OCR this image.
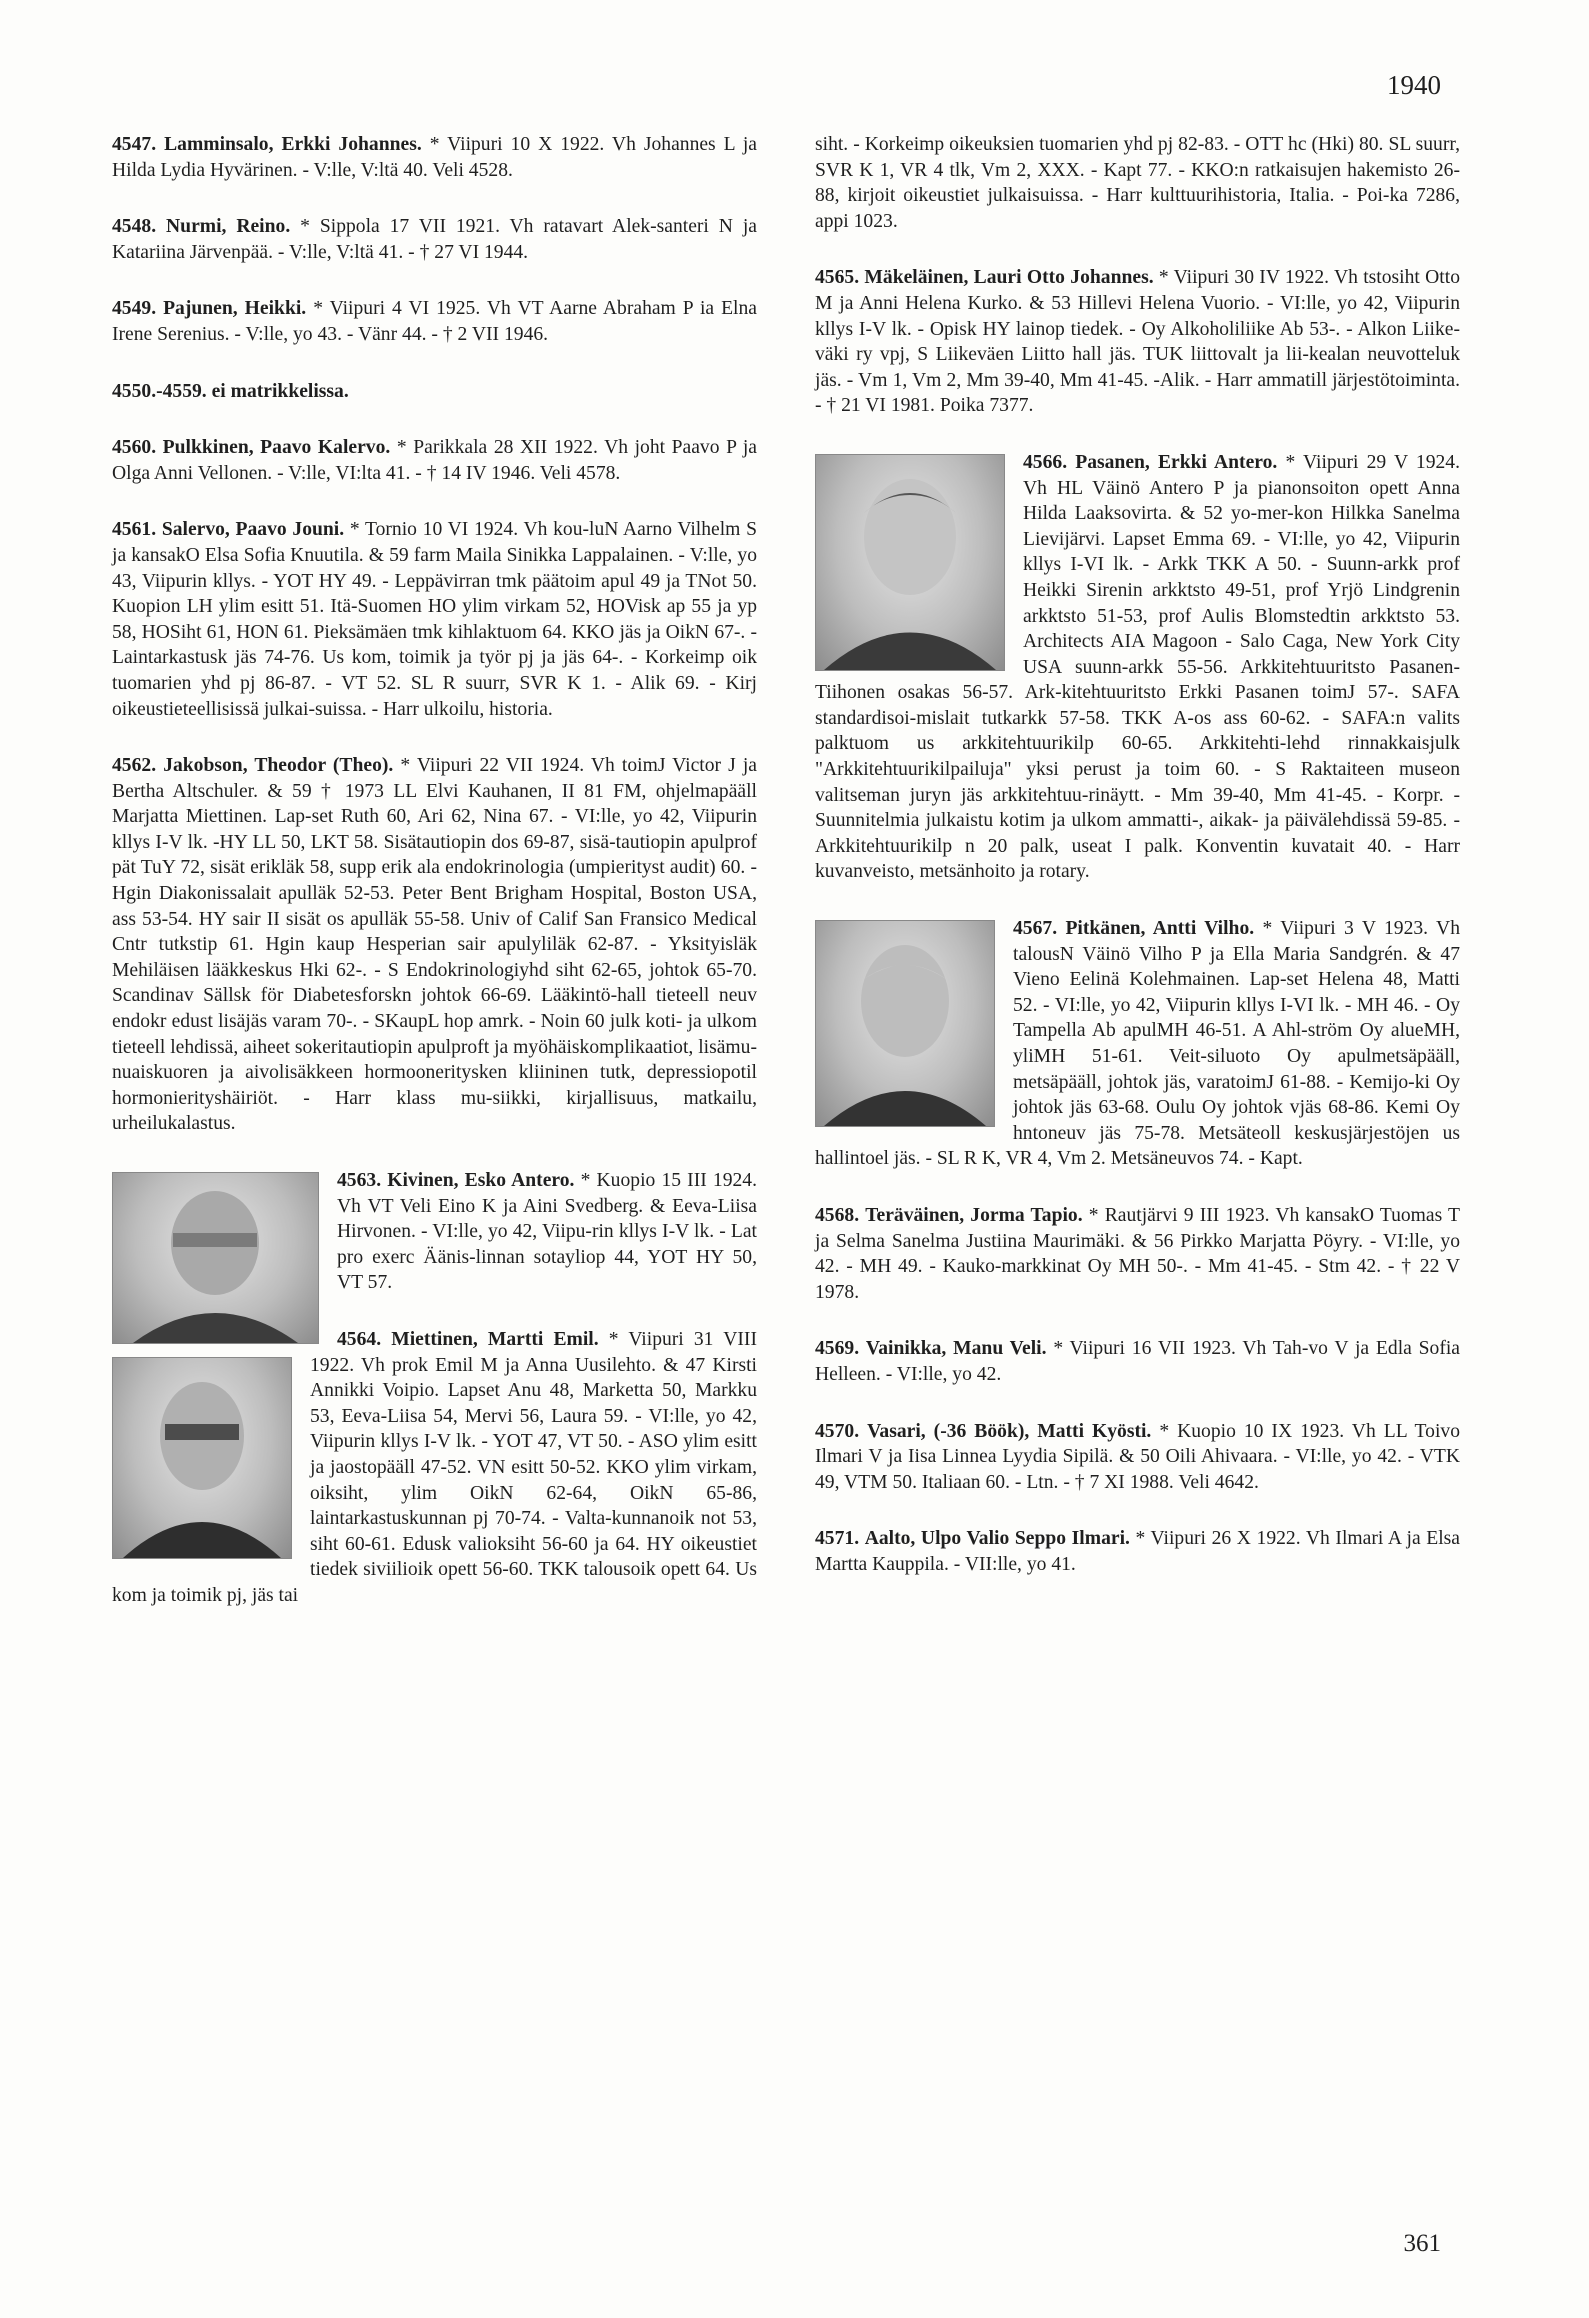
1940
4547. Lamminsalo, Erkki Johannes. * Viipuri 10 X 1922. Vh Johannes L ja Hilda Lydia Hyvärinen. - V:lle, V:ltä 40. Veli 4528.
4548. Nurmi, Reino. * Sippola 17 VII 1921. Vh ratavart Alek-santeri N ja Katariina Järvenpää. - V:lle, V:ltä 41. - † 27 VI 1944.
4549. Pajunen, Heikki. * Viipuri 4 VI 1925. Vh VT Aarne Abraham P ia Elna Irene Serenius. - V:lle, yo 43. - Vänr 44. - † 2 VII 1946.
4550.-4559. ei matrikkelissa.
4560. Pulkkinen, Paavo Kalervo. * Parikkala 28 XII 1922. Vh joht Paavo P ja Olga Anni Vellonen. - V:lle, VI:lta 41. - † 14 IV 1946. Veli 4578.
4561. Salervo, Paavo Jouni. * Tornio 10 VI 1924. Vh kou-luN Aarno Vilhelm S ja kansakO Elsa Sofia Knuutila. & 59 farm Maila Sinikka Lappalainen. - V:lle, yo 43, Viipurin kllys. - YOT HY 49. - Leppävirran tmk päätoim apul 49 ja TNot 50. Kuopion LH ylim esitt 51. Itä-Suomen HO ylim virkam 52, HOVisk ap 55 ja yp 58, HOSiht 61, HON 61. Pieksämäen tmk kihlaktuom 64. KKO jäs ja OikN 67-. - Laintarkastusk jäs 74-76. Us kom, toimik ja työr pj ja jäs 64-. - Korkeimp oik tuomarien yhd pj 86-87. - VT 52. SL R suurr, SVR K 1. - Alik 69. - Kirj oikeustieteellisissä julkai-suissa. - Harr ulkoilu, historia.
4562. Jakobson, Theodor (Theo). * Viipuri 22 VII 1924. Vh toimJ Victor J ja Bertha Altschuler. & 59 † 1973 LL Elvi Kauhanen, II 81 FM, ohjelmapääll Marjatta Miettinen. Lap-set Ruth 60, Ari 62, Nina 67. - VI:lle, yo 42, Viipurin kllys I-V lk. -HY LL 50, LKT 58. Sisätautiopin dos 69-87, sisä-tautiopin apulprof pät TuY 72, sisät erikläk 58, supp erik ala endokrinologia (umpierityst audit) 60. - Hgin Diakonissalait apulläk 52-53. Peter Bent Brigham Hospital, Boston USA, ass 53-54. HY sair II sisät os apulläk 55-58. Univ of Calif San Fransico Medical Cntr tutkstip 61. Hgin kaup Hesperian sair apulyliläk 62-87. - Yksityisläk Mehiläisen lääkkeskus Hki 62-. - S Endokrinologiyhd siht 62-65, johtok 65-70. Scandinav Sällsk för Diabetesforskn johtok 66-69. Lääkintö-hall tieteell neuv endokr edust lisäjäs varam 70-. - SKaupL hop amrk. - Noin 60 julk koti- ja ulkom tieteell lehdissä, aiheet sokeritautiopin apulproft ja myöhäiskomplikaatiot, lisämu-nuaiskuoren ja aivolisäkkeen hormooneritysken kliininen tutk, depressiopotil hormonierityshäiriöt. - Harr klass mu-siikki, kirjallisuus, matkailu, urheilukalastus.
4563. Kivinen, Esko Antero. * Kuopio 15 III 1924. Vh VT Veli Eino K ja Aini Svedberg. & Eeva-Liisa Hirvonen. - VI:lle, yo 42, Viipu-rin kllys I-V lk. - Lat pro exerc Äänis-linnan sotayliop 44, YOT HY 50, VT 57.
4564. Miettinen, Martti Emil. * Viipuri 31 VIII 1922. Vh prok Emil M ja Anna Uusilehto. & 47 Kirsti Annikki Voipio. Lapset Anu 48, Marketta 50, Markku 53, Eeva-Liisa 54, Mervi 56, Laura 59. - VI:lle, yo 42, Viipurin kllys I-V lk. - YOT 47, VT 50. - ASO ylim esitt ja jaostopääll 47-52. VN esitt 50-52. KKO ylim virkam, oiksiht, ylim OikN 62-64, OikN 65-86, laintarkastuskunnan pj 70-74. - Valta-kunnanoik not 53, siht 60-61. Edusk valioksiht 56-60 ja 64. HY oikeustiet tiedek siviilioik opett 56-60. TKK talousoik opett 64. Us kom ja toimik pj, jäs tai
siht. - Korkeimp oikeuksien tuomarien yhd pj 82-83. - OTT hc (Hki) 80. SL suurr, SVR K 1, VR 4 tlk, Vm 2, XXX. - Kapt 77. - KKO:n ratkaisujen hakemisto 26-88, kirjoit oikeustiet julkaisuissa. - Harr kulttuurihistoria, Italia. - Poi-ka 7286, appi 1023.
4565. Mäkeläinen, Lauri Otto Johannes. * Viipuri 30 IV 1922. Vh tstosiht Otto M ja Anni Helena Kurko. & 53 Hillevi Helena Vuorio. - VI:lle, yo 42, Viipurin kllys I-V lk. - Opisk HY lainop tiedek. - Oy Alkoholiliike Ab 53-. - Alkon Liike-väki ry vpj, S Liikeväen Liitto hall jäs. TUK liittovalt ja lii-kealan neuvotteluk jäs. - Vm 1, Vm 2, Mm 39-40, Mm 41-45. -Alik. - Harr ammatill järjestötoiminta. - † 21 VI 1981. Poika 7377.
4566. Pasanen, Erkki Antero. * Viipuri 29 V 1924. Vh HL Väinö Antero P ja pianonsoiton opett Anna Hilda Laaksovirta. & 52 yo-mer-kon Hilkka Sanelma Lievijärvi. Lapset Emma 69. - VI:lle, yo 42, Viipurin kllys I-VI lk. - Arkk TKK A 50. - Suunn-arkk prof Heikki Sirenin arkktsto 49-51, prof Yrjö Lindgrenin arkktsto 51-53, prof Aulis Blomstedtin arkktsto 53. Architects AIA Magoon - Salo Caga, New York City USA suunn-arkk 55-56. Arkkitehtuuritsto Pasanen-Tiihonen osakas 56-57. Ark-kitehtuuritsto Erkki Pasanen toimJ 57-. SAFA standardisoi-mislait tutkarkk 57-58. TKK A-os ass 60-62. - SAFA:n valits palktuom us arkkitehtuurikilp 60-65. Arkkitehti-lehd rinnakkaisjulk "Arkkitehtuurikilpailuja" yksi perust ja toim 60. - S Raktaiteen museon valitseman juryn jäs arkkitehtuu-rinäytt. - Mm 39-40, Mm 41-45. - Korpr. - Suunnitelmia julkaistu kotim ja ulkom ammatti-, aikak- ja päivälehdissä 59-85. - Arkkitehtuurikilp n 20 palk, useat I palk. Konventin kuvatait 40. - Harr kuvanveisto, metsänhoito ja rotary.
4567. Pitkänen, Antti Vilho. * Viipuri 3 V 1923. Vh talousN Väinö Vilho P ja Ella Maria Sandgrén. & 47 Vieno Eelinä Kolehmainen. Lap-set Helena 48, Matti 52. - VI:lle, yo 42, Viipurin kllys I-VI lk. - MH 46. - Oy Tampella Ab apulMH 46-51. A Ahl-ström Oy alueMH, yliMH 51-61. Veit-siluoto Oy apulmetsäpääll, metsäpääll, johtok jäs, varatoimJ 61-88. - Kemijo-ki Oy johtok jäs 63-68. Oulu Oy johtok vjäs 68-86. Kemi Oy hntoneuv jäs 75-78. Metsäteoll keskusjärjestöjen us hallintoel jäs. - SL R K, VR 4, Vm 2. Metsäneuvos 74. - Kapt.
4568. Teräväinen, Jorma Tapio. * Rautjärvi 9 III 1923. Vh kansakO Tuomas T ja Selma Sanelma Justiina Maurimäki. & 56 Pirkko Marjatta Pöyry. - VI:lle, yo 42. - MH 49. - Kauko-markkinat Oy MH 50-. - Mm 41-45. - Stm 42. - † 22 V 1978.
4569. Vainikka, Manu Veli. * Viipuri 16 VII 1923. Vh Tah-vo V ja Edla Sofia Helleen. - VI:lle, yo 42.
4570. Vasari, (-36 Böök), Matti Kyösti. * Kuopio 10 IX 1923. Vh LL Toivo Ilmari V ja Iisa Linnea Lyydia Sipilä. & 50 Oili Ahivaara. - VI:lle, yo 42. - VTK 49, VTM 50. Italiaan 60. - Ltn. - † 7 XI 1988. Veli 4642.
4571. Aalto, Ulpo Valio Seppo Ilmari. * Viipuri 26 X 1922. Vh Ilmari A ja Elsa Martta Kauppila. - VII:lle, yo 41.
361
